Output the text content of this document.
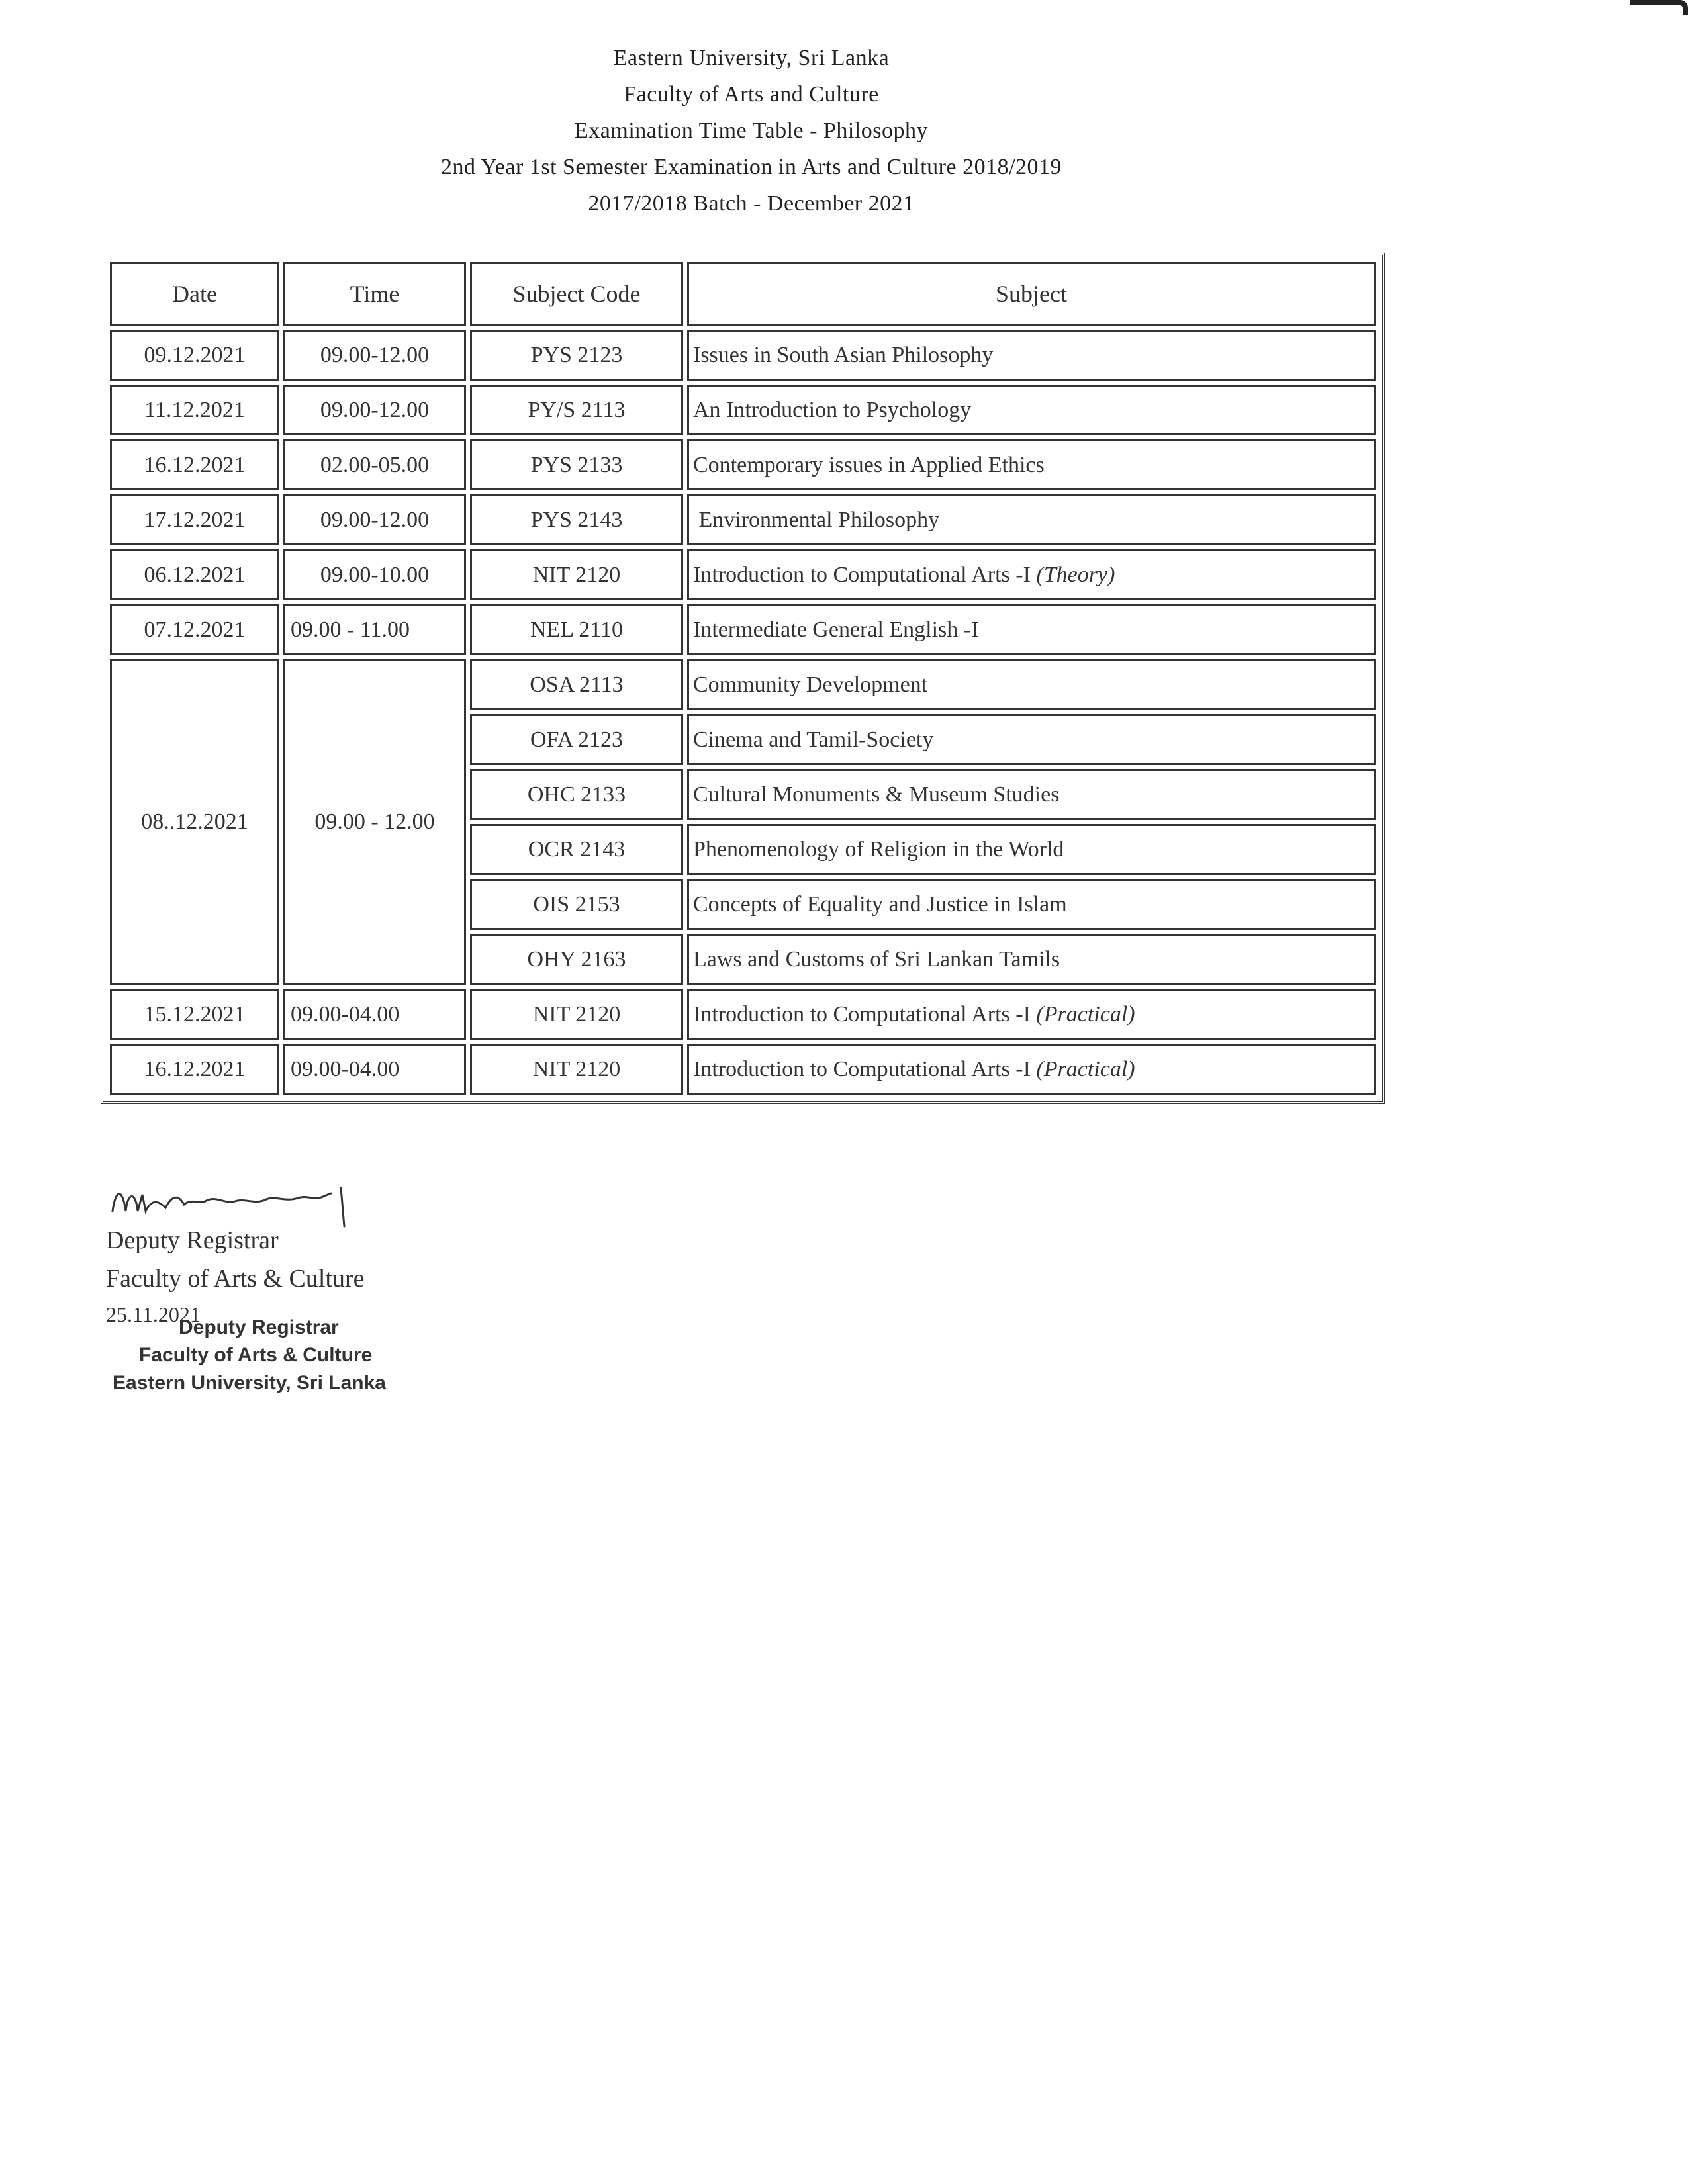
Eastern University, Sri Lanka
Faculty of Arts and Culture
Examination Time Table - Philosophy
2nd Year 1st Semester Examination in Arts and Culture 2018/2019
2017/2018 Batch - December 2021
Date	Time	Subject Code	Subject
09.12.2021	09.00-12.00	PYS 2123	Issues in South Asian Philosophy
11.12.2021	09.00-12.00	PY/S 2113	An Introduction to Psychology
16.12.2021	02.00-05.00	PYS 2133	Contemporary issues in Applied Ethics
17.12.2021	09.00-12.00	PYS 2143	Environmental Philosophy
06.12.2021	09.00-10.00	NIT 2120	Introduction to Computational Arts -I (Theory)
07.12.2021	09.00 - 11.00	NEL 2110	Intermediate General English -I
08..12.2021	09.00 - 12.00	OSA 2113	Community Development
		OFA 2123	Cinema and Tamil-Society
		OHC 2133	Cultural Monuments & Museum Studies
		OCR 2143	Phenomenology of Religion in the World
		OIS 2153	Concepts of Equality and Justice in Islam
		OHY 2163	Laws and Customs of Sri Lankan Tamils
15.12.2021	09.00-04.00	NIT 2120	Introduction to Computational Arts -I (Practical)
16.12.2021	09.00-04.00	NIT 2120	Introduction to Computational Arts -I (Practical)
Deputy Registrar
Faculty of Arts & Culture
25.11.2021
Deputy Registrar
Faculty of Arts & Culture
Eastern University, Sri Lanka
